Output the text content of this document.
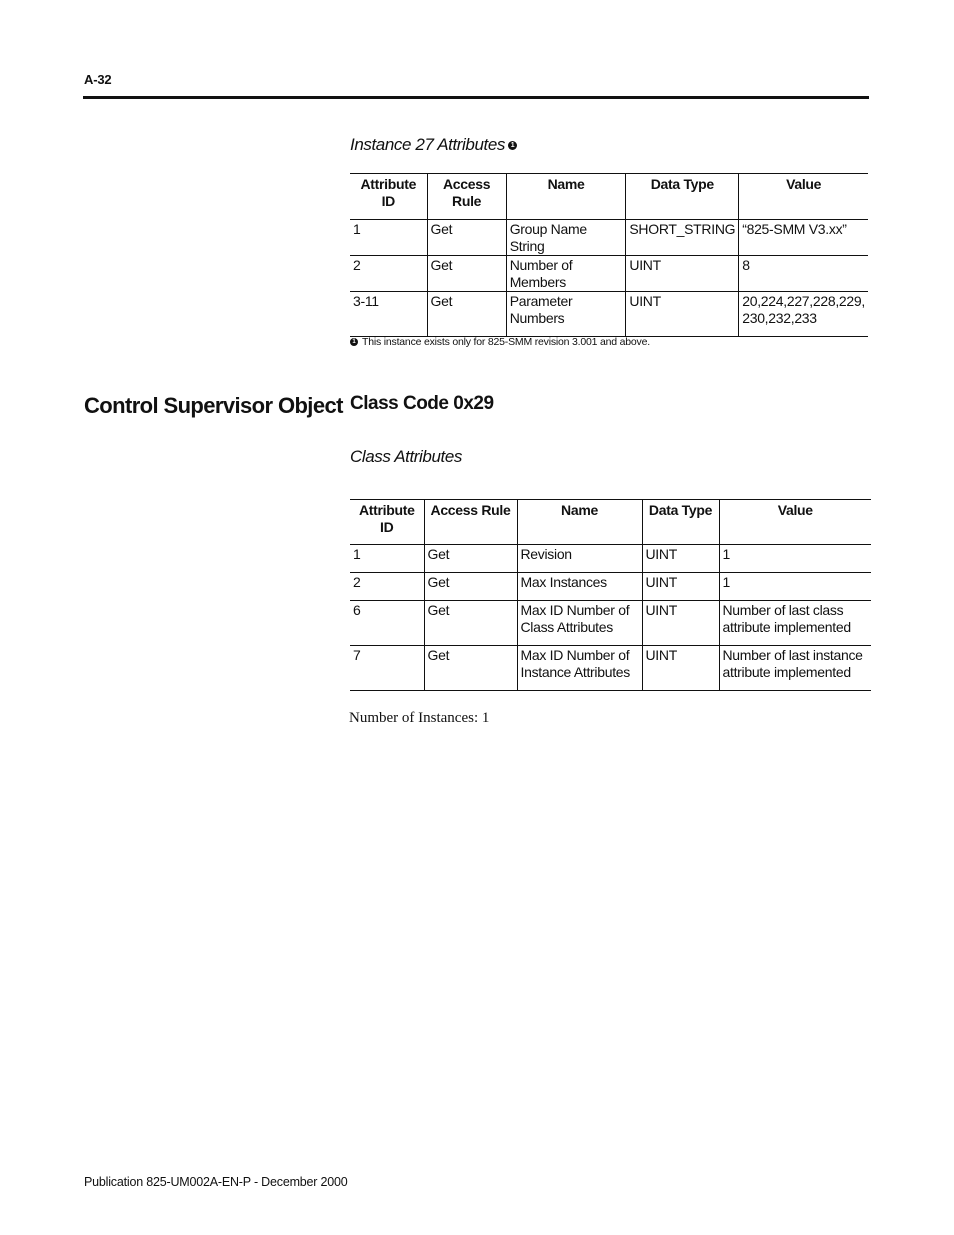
A-32
Instance 27 Attributes 1
Attribute ID	Access Rule	Name	Data Type	Value
1	Get	Group Name String	SHORT_STRING	“825-SMM V3.xx”
2	Get	Number of Members	UINT	8
3-11	Get	Parameter Numbers	UINT	20,224,227,228,229, 230,232,233
1 This instance exists only for 825-SMM revision 3.001 and above.
Control Supervisor Object Class Code 0x29
Class Attributes
Attribute ID	Access Rule	Name	Data Type	Value
1	Get	Revision	UINT	1
2	Get	Max Instances	UINT	1
6	Get	Max ID Number of Class Attributes	UINT	Number of last class attribute implemented
7	Get	Max ID Number of Instance Attributes	UINT	Number of last instance attribute implemented
Number of Instances: 1
Publication 825-UM002A-EN-P - December 2000
